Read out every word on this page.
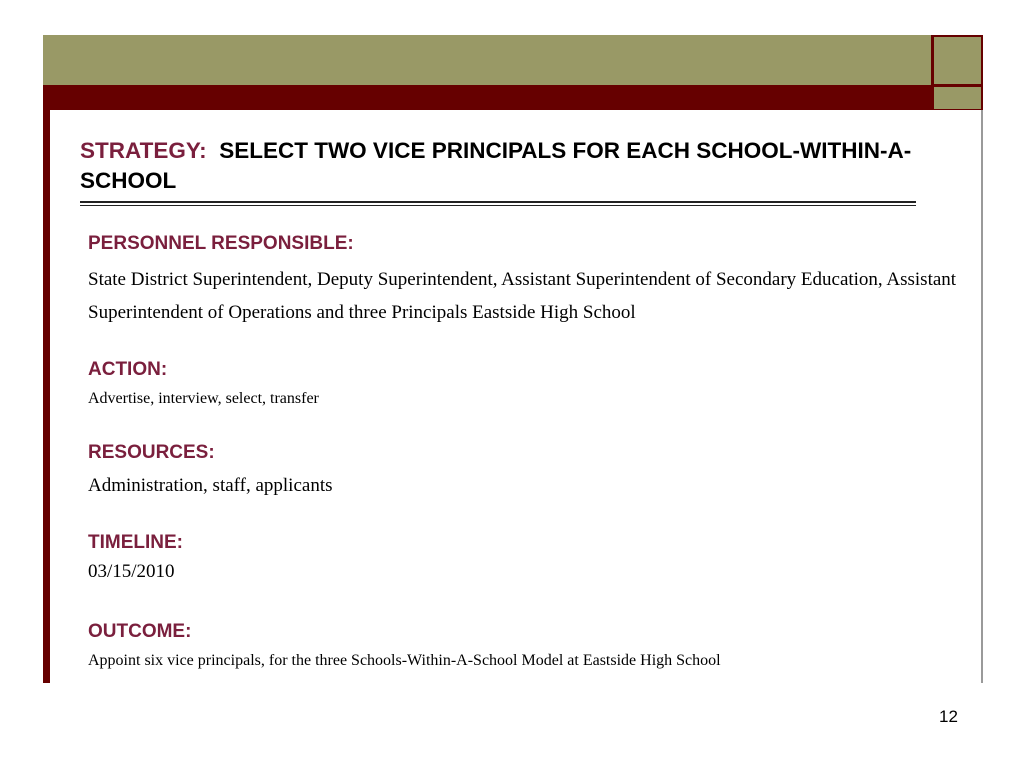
STRATEGY: SELECT TWO VICE PRINCIPALS FOR EACH SCHOOL-WITHIN-A-SCHOOL
PERSONNEL RESPONSIBLE:
State District Superintendent, Deputy Superintendent, Assistant Superintendent of Secondary Education, Assistant Superintendent of Operations and three Principals Eastside High School
ACTION:
Advertise, interview, select, transfer
RESOURCES:
Administration, staff, applicants
TIMELINE:
03/15/2010
OUTCOME:
Appoint six vice principals, for the three Schools-Within-A-School Model at Eastside High School
12
